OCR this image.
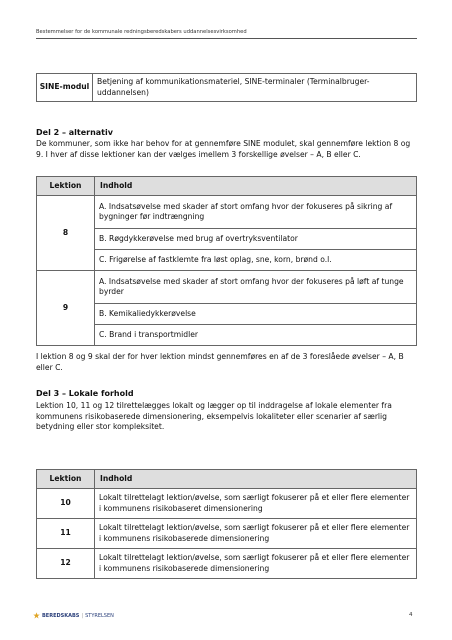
Bestemmelser for de kommunale redningsberedskabers uddannelsesvirksomhed
SINE-modul	Betjening af kommunikationsmateriel, SINE-terminaler (Terminalbruger-uddannelsen)
Del 2 – alternativ

De kommuner, som ikke har behov for at gennemføre SINE modulet, skal gennemføre lektion 8 og 9. I hver af disse lektioner kan der vælges imellem 3 forskellige øvelser – A, B eller C.

Lektion	Indhold
8	A. Indsatsøvelse med skader af stort omfang hvor der fokuseres på sikring af bygninger før indtrængning
	B. Røgdykkerøvelse med brug af overtryksventilator
	C. Frigørelse af fastklemte fra løst oplag, sne, korn, brønd o.l.
9	A. Indsatsøvelse med skader af stort omfang hvor der fokuseres på løft af tunge byrder
	B. Kemikaliedykkerøvelse
	C. Brand i transportmidler

I lektion 8 og 9 skal der for hver lektion mindst gennemføres en af de 3 foreslåede øvelser – A, B eller C.

Del 3 – Lokale forhold

Lektion 10, 11 og 12 tilrettelægges lokalt og lægger op til inddragelse af lokale elementer fra kommunens risikobaserede dimensionering, eksempelvis lokaliteter eller scenarier af særlig betydning eller stor kompleksitet.

Lektion	Indhold
10	Lokalt tilrettelagt lektion/øvelse, som særligt fokuserer på et eller flere elementer i kommunens risikobaseret dimensionering
11	Lokalt tilrettelagt lektion/øvelse, som særligt fokuserer på et eller flere elementer i kommunens risikobaserede dimensionering
12	Lokalt tilrettelagt lektion/øvelse, som særligt fokuserer på et eller flere elementer i kommunens risikobaserede dimensionering
BEREDSKABS | STYRELSEN	4
